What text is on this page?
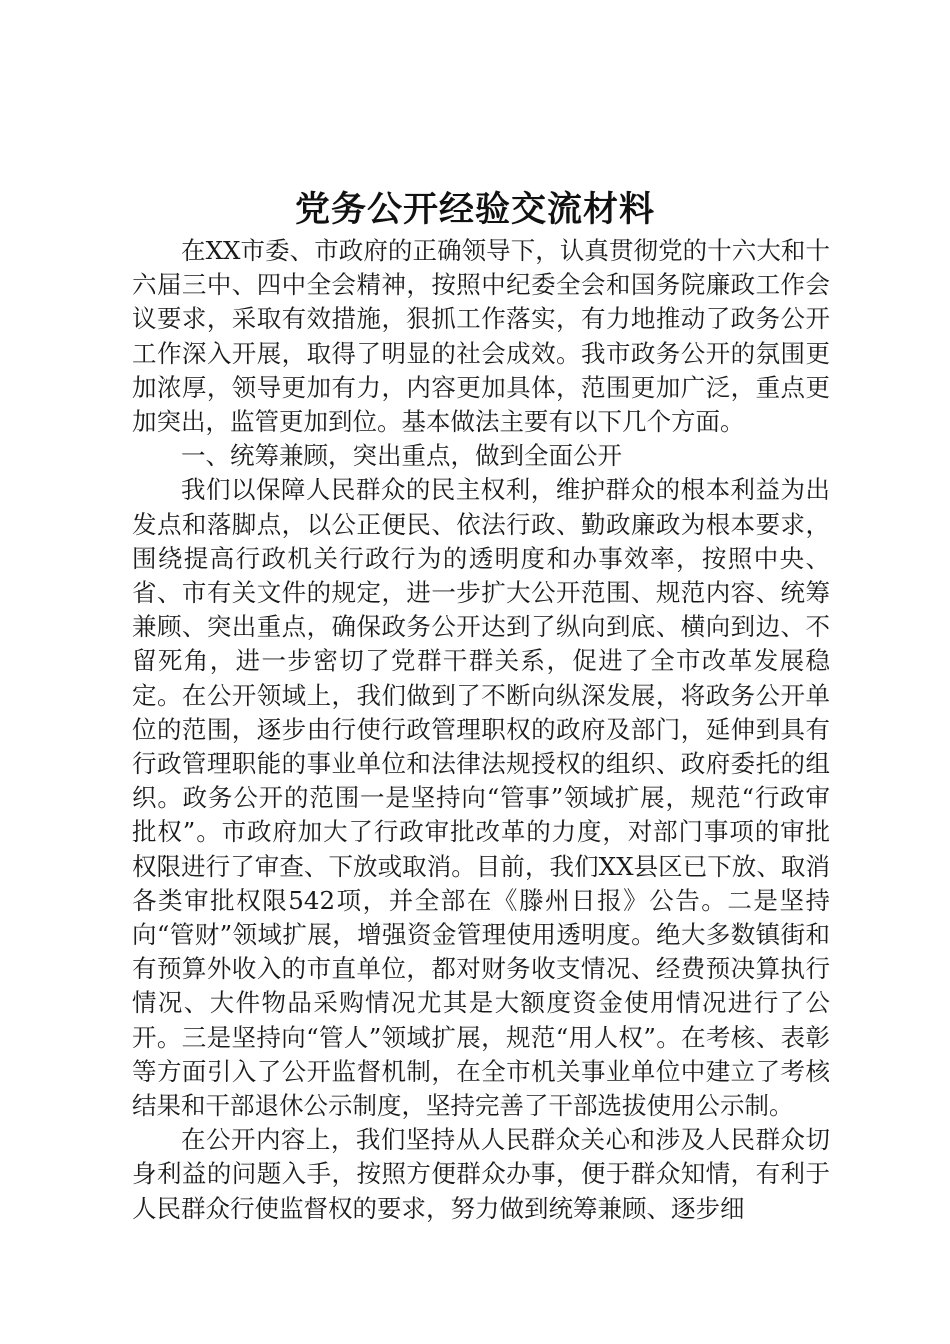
党务公开经验交流材料

在XX市委、市政府的正确领导下，认真贯彻党的十六大和十六届三中、四中全会精神，按照中纪委全会和国务院廉政工作会议要求，采取有效措施，狠抓工作落实，有力地推动了政务公开工作深入开展，取得了明显的社会成效。我市政务公开的氛围更加浓厚，领导更加有力，内容更加具体，范围更加广泛，重点更加突出，监管更加到位。基本做法主要有以下几个方面。

一、统筹兼顾，突出重点，做到全面公开

我们以保障人民群众的民主权利，维护群众的根本利益为出发点和落脚点，以公正便民、依法行政、勤政廉政为根本要求，围绕提高行政机关行政行为的透明度和办事效率，按照中央、省、市有关文件的规定，进一步扩大公开范围、规范内容、统筹兼顾、突出重点，确保政务公开达到了纵向到底、横向到边、不留死角，进一步密切了党群干群关系，促进了全市改革发展稳定。在公开领域上，我们做到了不断向纵深发展，将政务公开单位的范围，逐步由行使行政管理职权的政府及部门，延伸到具有行政管理职能的事业单位和法律法规授权的组织、政府委托的组织。政务公开的范围一是坚持向“管事”领域扩展，规范“行政审批权”。市政府加大了行政审批改革的力度，对部门事项的审批权限进行了审查、下放或取消。目前，我们XX县区已下放、取消各类审批权限542项，并全部在《滕州日报》公告。二是坚持向“管财”领域扩展，增强资金管理使用透明度。绝大多数镇街和有预算外收入的市直单位，都对财务收支情况、经费预决算执行情况、大件物品采购情况尤其是大额度资金使用情况进行了公开。三是坚持向“管人”领域扩展，规范“用人权”。在考核、表彰等方面引入了公开监督机制，在全市机关事业单位中建立了考核结果和干部退休公示制度，坚持完善了干部选拔使用公示制。

在公开内容上，我们坚持从人民群众关心和涉及人民群众切身利益的问题入手，按照方便群众办事，便于群众知情，有利于人民群众行使监督权的要求，努力做到统筹兼顾、逐步细
